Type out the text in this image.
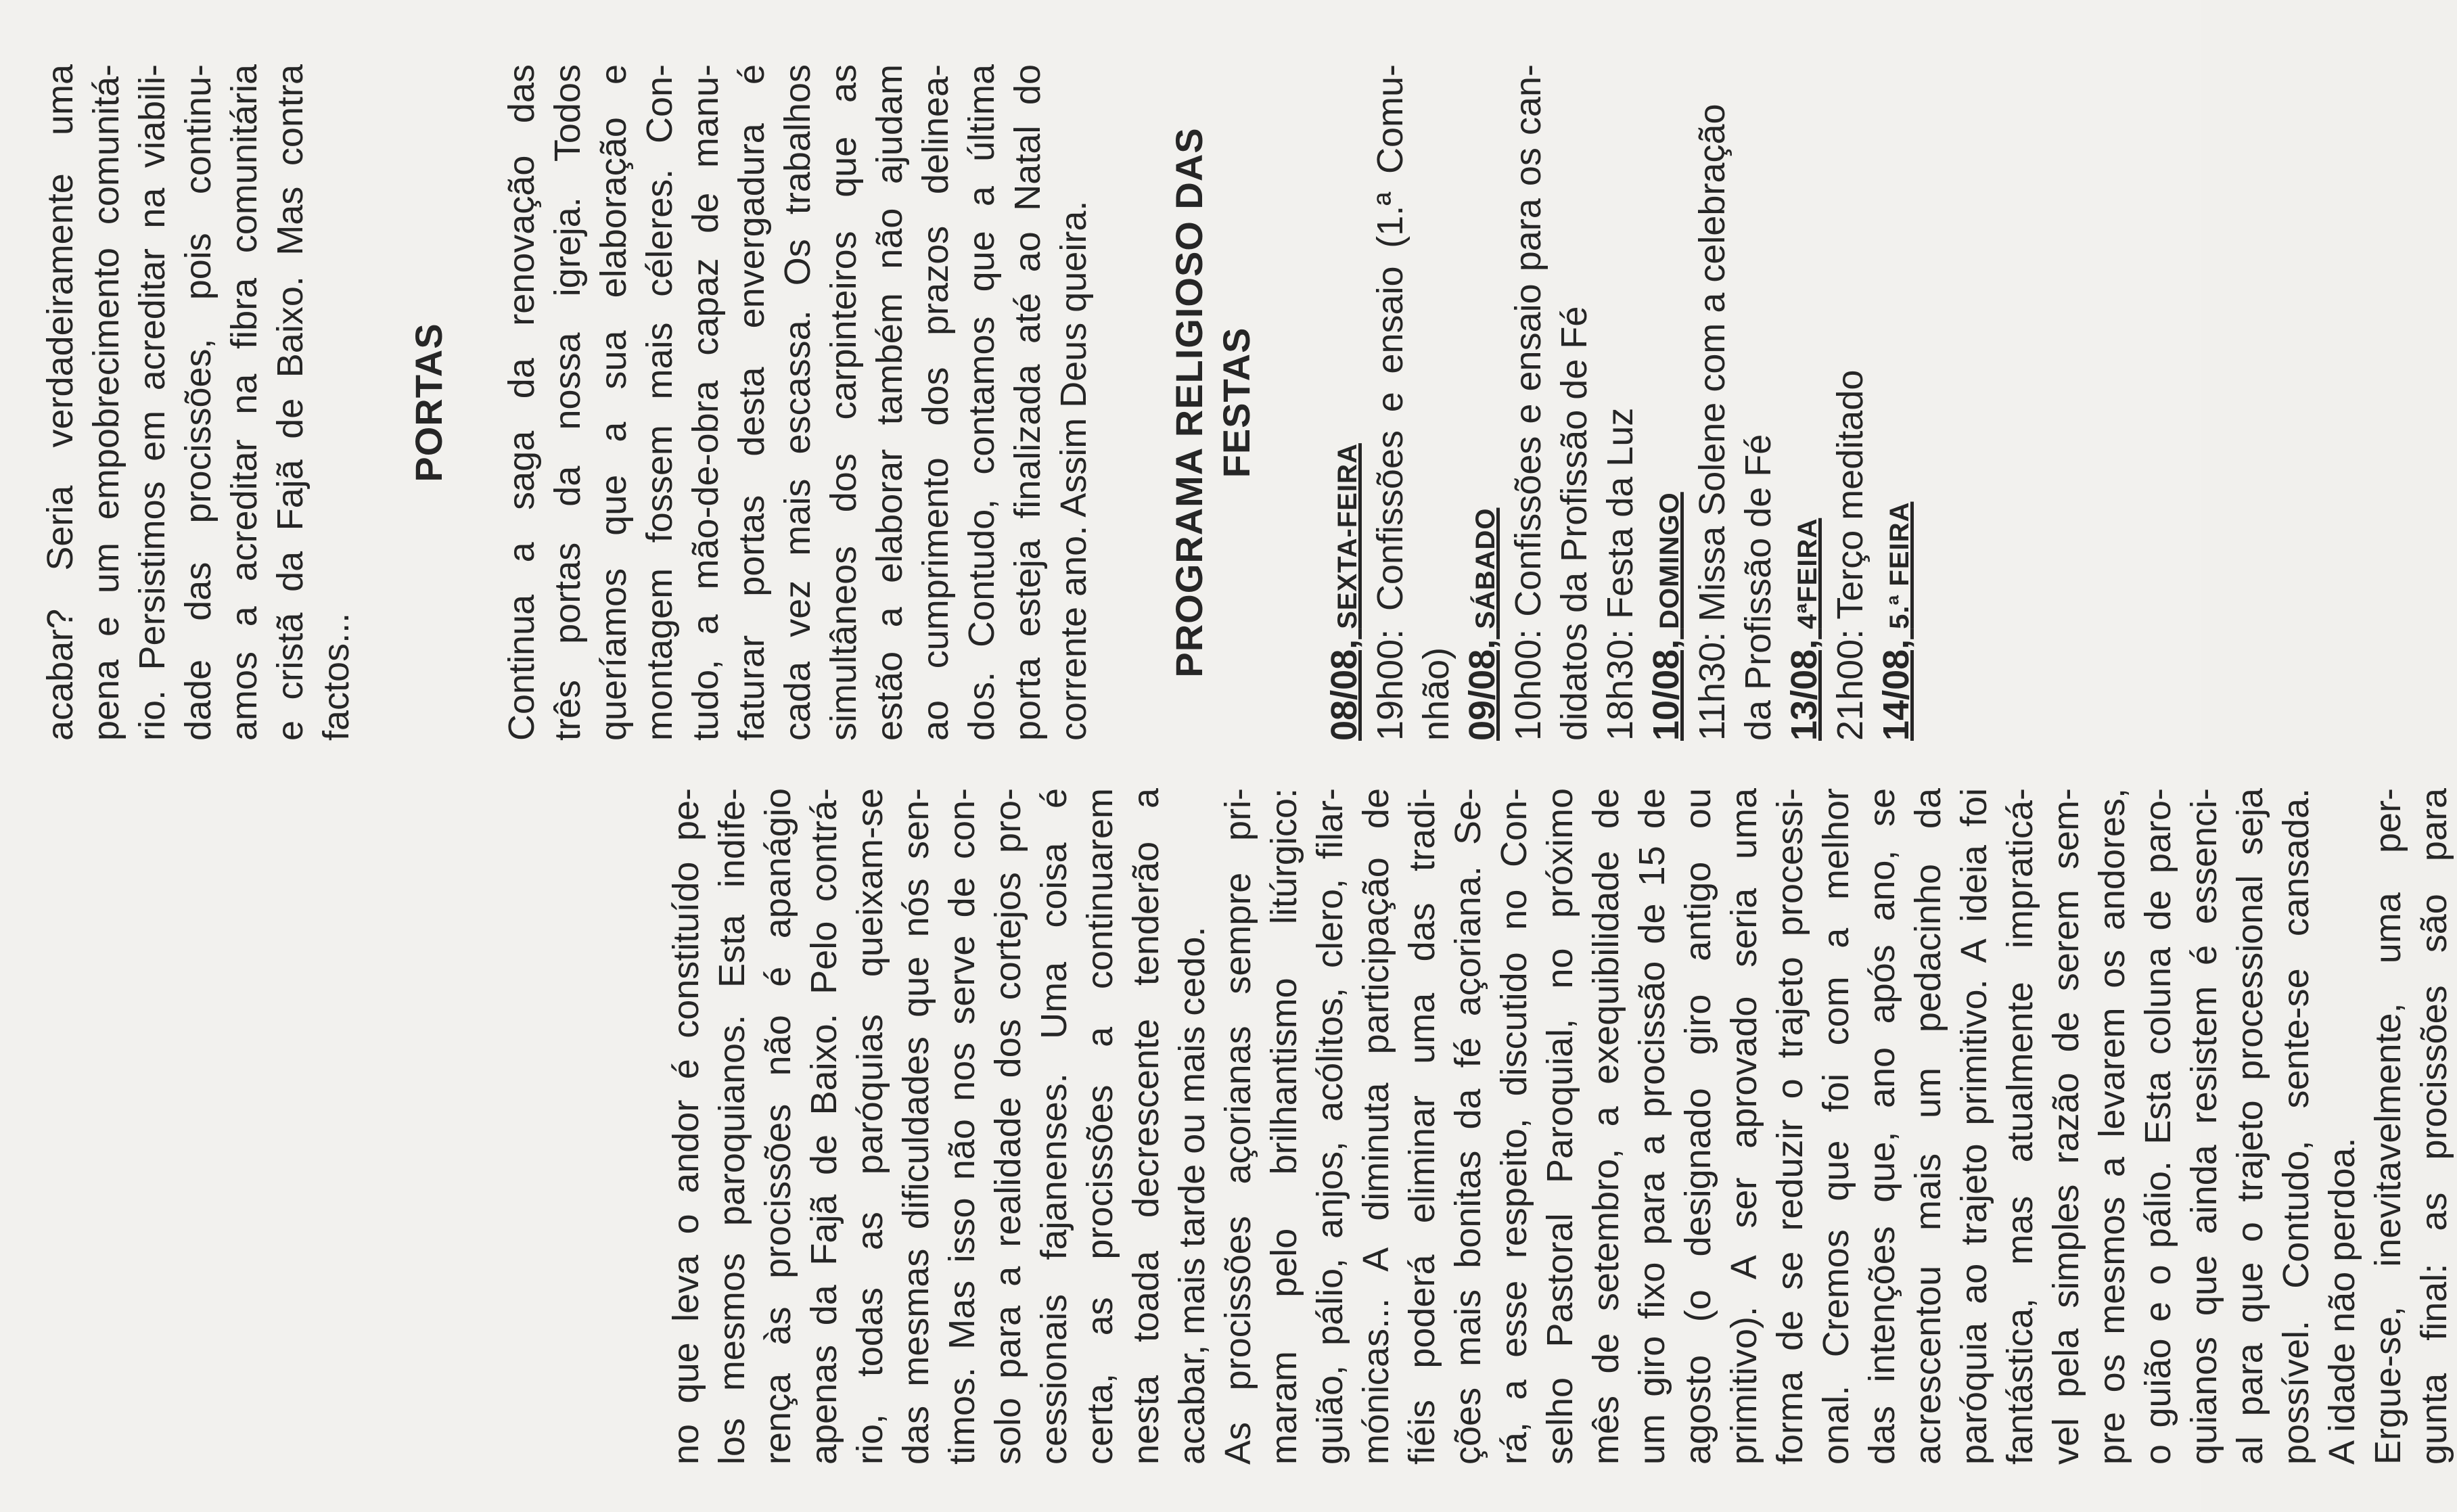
no que leva o andor é constituído pe- los mesmos paroquianos. Esta indife- rença às procissões não é apanágio apenas da Fajã de Baixo. Pelo contrá- rio, todas as paróquias queixam-se das mesmas dificuldades que nós sen- timos. Mas isso não nos serve de con- solo para a realidade dos cortejos pro- cessionais fajanenses. Uma coisa é certa, as procissões a continuarem nesta toada decrescente tenderão a acabar, mais tarde ou mais cedo. As procissões açorianas sempre pri- maram pelo brilhantismo litúrgico: guião, pálio, anjos, acólitos, clero, filar- mónicas... A diminuta participação de fiéis poderá eliminar uma das tradi- ções mais bonitas da fé açoriana. Se- rá, a esse respeito, discutido no Con- selho Pastoral Paroquial, no próximo mês de setembro, a exequibilidade de um giro fixo para a procissão de 15 de agosto (o designado giro antigo ou primitivo). A ser aprovado seria uma forma de se reduzir o trajeto processi- onal. Cremos que foi com a melhor das intenções que, ano após ano, se acrescentou mais um pedacinho da paróquia ao trajeto primitivo. A ideia foi fantástica, mas atualmente impraticá- vel pela simples razão de serem sem- pre os mesmos a levarem os andores, o guião e o pálio. Esta coluna de paro- quianos que ainda resistem é essenci- al para que o trajeto processional seja possível. Contudo, sente-se cansada. A idade não perdoa. Ergue-se, inevitavelmente, uma per- gunta final: as procissões são para
acabar? Seria verdadeiramente uma pena e um empobrecimento comunitá- rio. Persistimos em acreditar na viabili- dade das procissões, pois continu- amos a acreditar na fibra comunitária e cristã da Fajã de Baixo. Mas contra factos...
PORTAS Continua a saga da renovação das três portas da nossa igreja. Todos queríamos que a sua elaboração e montagem fossem mais céleres. Con- tudo, a mão-de-obra capaz de manu- faturar portas desta envergadura é cada vez mais escassa. Os trabalhos simultâneos dos carpinteiros que as estão a elaborar também não ajudam ao cumprimento dos prazos delinea- dos. Contudo, contamos que a última porta esteja finalizada até ao Natal do corrente ano. Assim Deus queira. PROGRAMA RELIGIOSO DAS FESTAS
08/08, SEXTA-FEIRA 19h00: Confissões e ensaio (1.ª Comu- nhão) 09/08, SÁBADO 10h00: Confissões e ensaio para os can- didatos da Profissão de Fé 18h30: Festa da Luz 10/08, DOMINGO 11h30: Missa Solene com a celebração da Profissão de Fé 13/08, 4ªFEIRA 21h00: Terço meditado 14/08, 5.ª FEIRA
